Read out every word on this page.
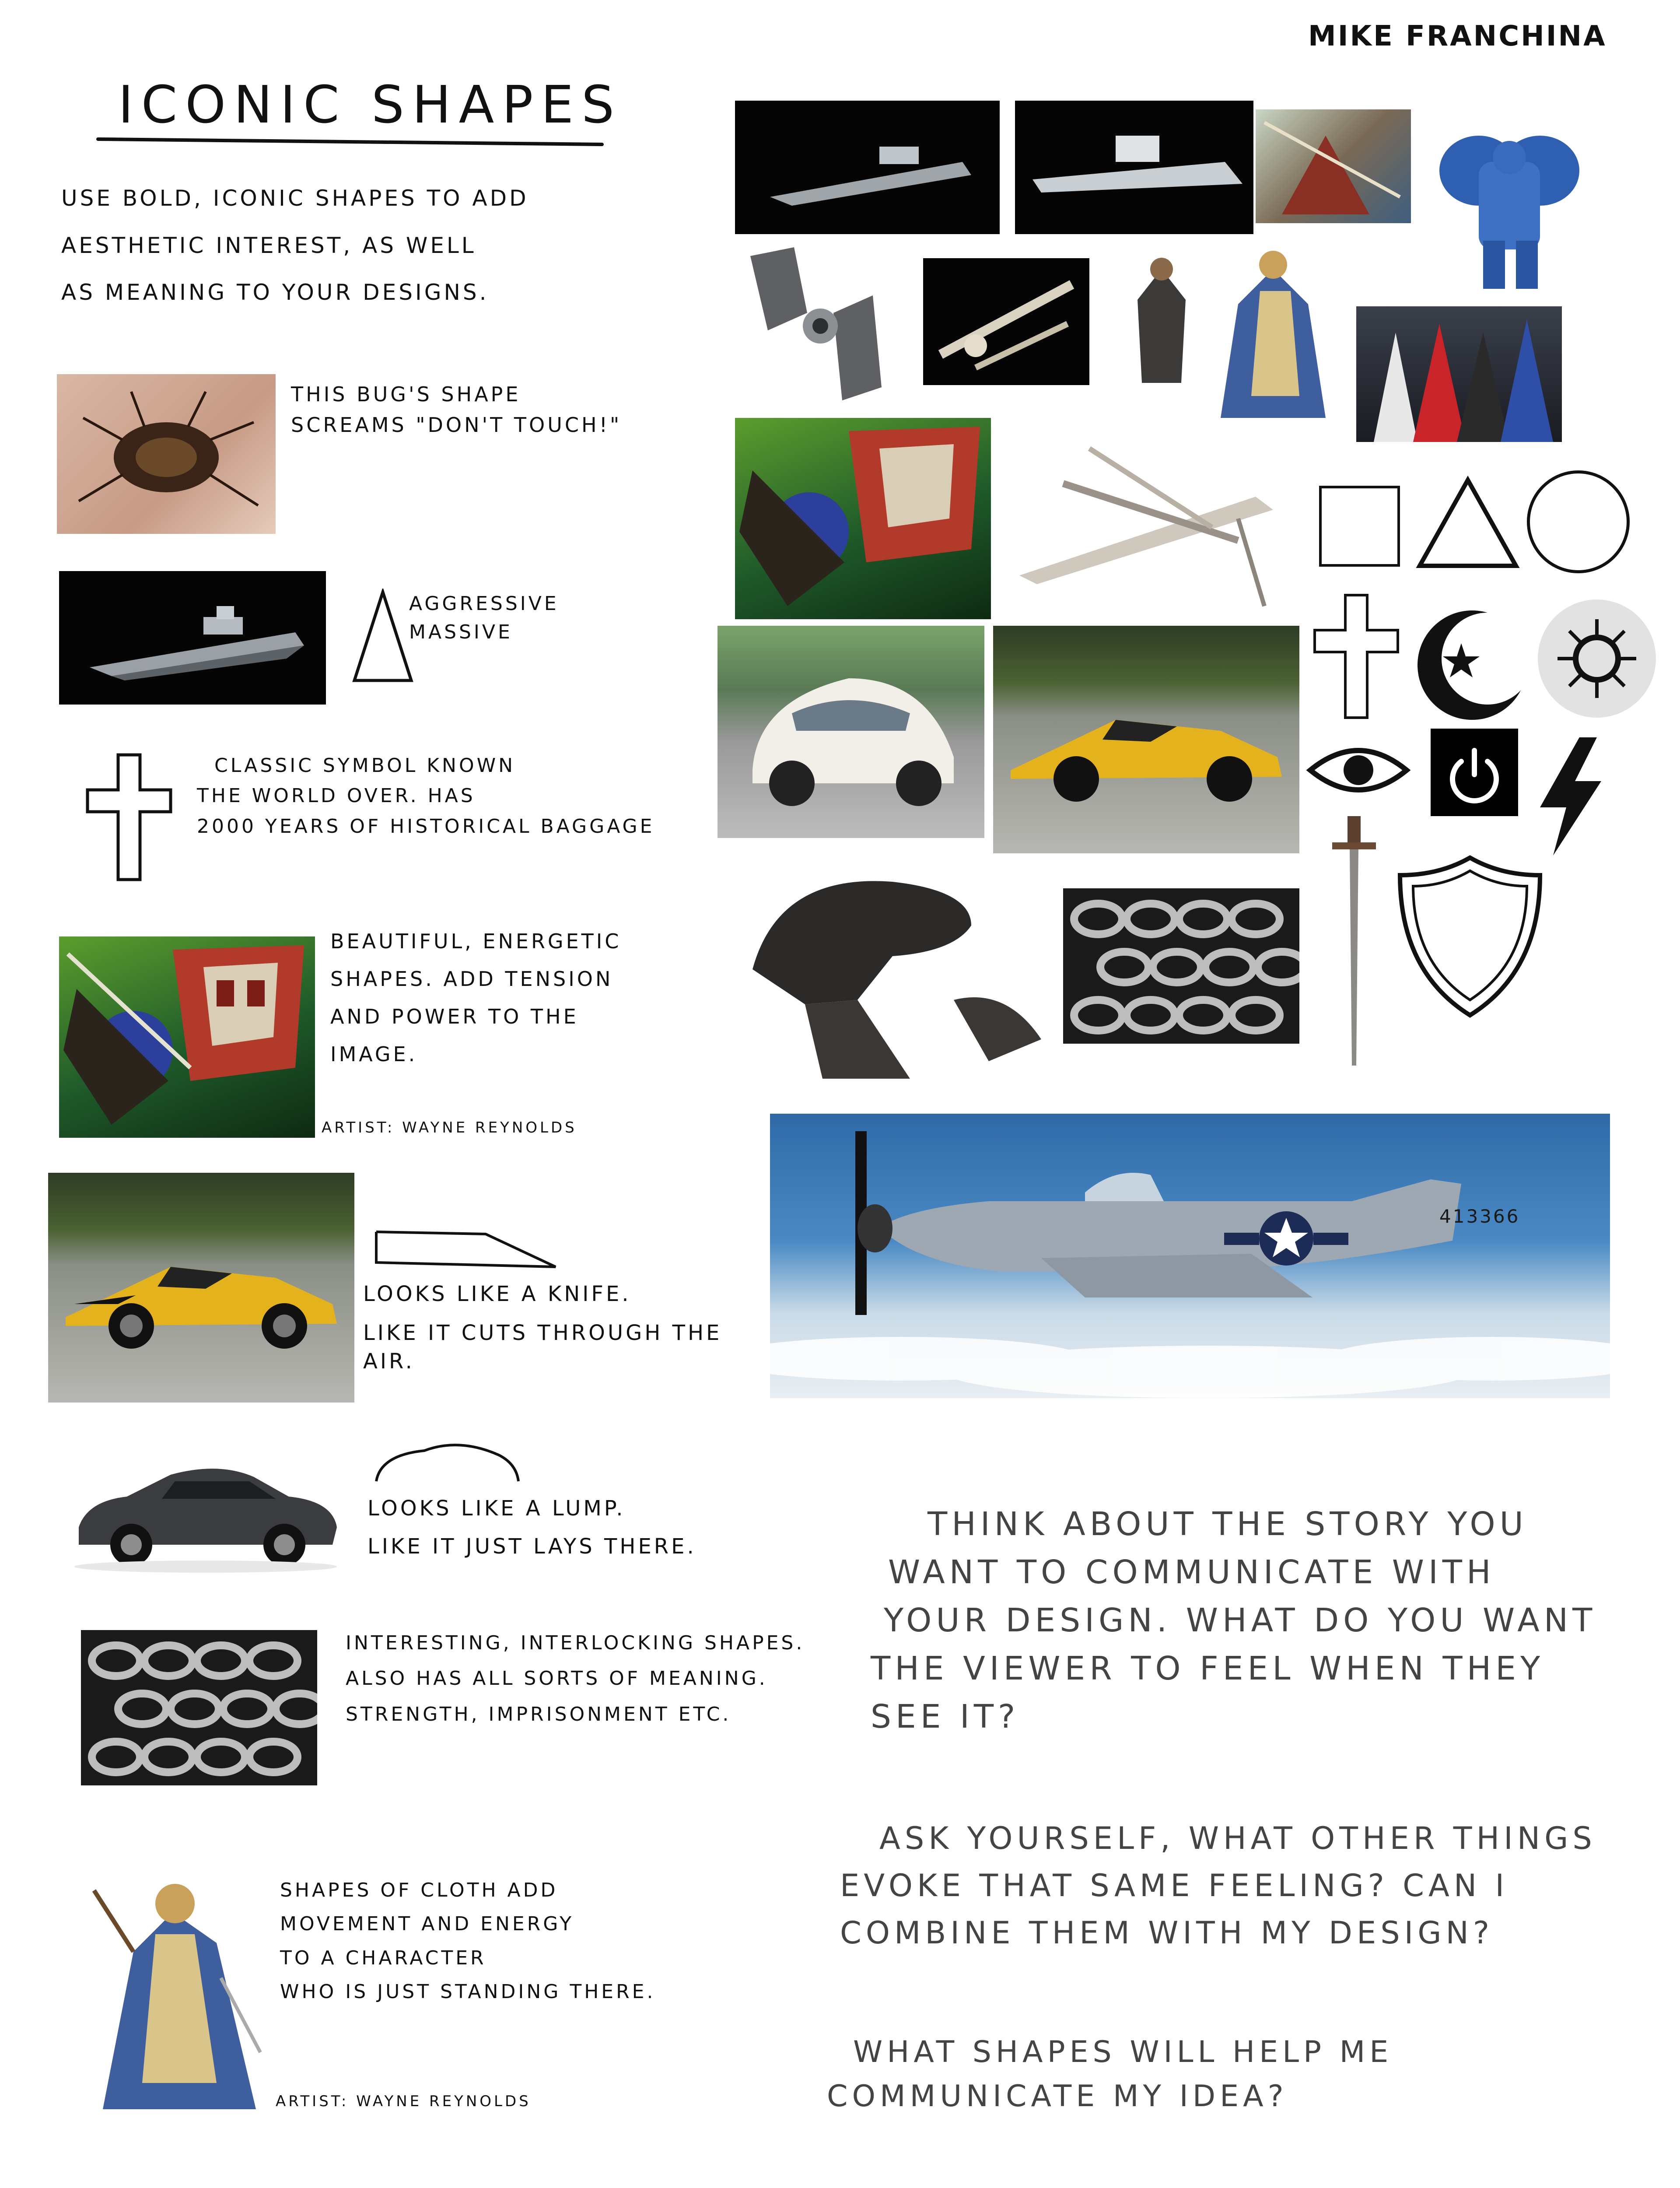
MIKE FRANCHINA
ICONIC SHAPES
USE BOLD, ICONIC SHAPES TO ADD
AESTHETIC INTEREST, AS WELL
AS MEANING TO YOUR DESIGNS.
THIS BUG'S SHAPE
SCREAMS "DON'T TOUCH!"
AGGRESSIVE
MASSIVE
CLASSIC SYMBOL KNOWN
THE WORLD OVER. HAS
2000 YEARS OF HISTORICAL BAGGAGE
BEAUTIFUL, ENERGETIC
SHAPES. ADD TENSION
AND POWER TO THE
IMAGE.
ARTIST: WAYNE REYNOLDS
LOOKS LIKE A KNIFE.
LIKE IT CUTS THROUGH THE
AIR.
LOOKS LIKE A LUMP.
LIKE IT JUST LAYS THERE.
INTERESTING, INTERLOCKING SHAPES.
ALSO HAS ALL SORTS OF MEANING.
STRENGTH, IMPRISONMENT ETC.
SHAPES OF CLOTH ADD
MOVEMENT AND ENERGY
TO A CHARACTER
WHO IS JUST STANDING THERE.
ARTIST: WAYNE REYNOLDS
413366
THINK ABOUT THE STORY YOU
WANT TO COMMUNICATE WITH
YOUR DESIGN. WHAT DO YOU WANT
THE VIEWER TO FEEL WHEN THEY
SEE IT?
ASK YOURSELF, WHAT OTHER THINGS
EVOKE THAT SAME FEELING? CAN I
COMBINE THEM WITH MY DESIGN?
WHAT SHAPES WILL HELP ME
COMMUNICATE MY IDEA?
